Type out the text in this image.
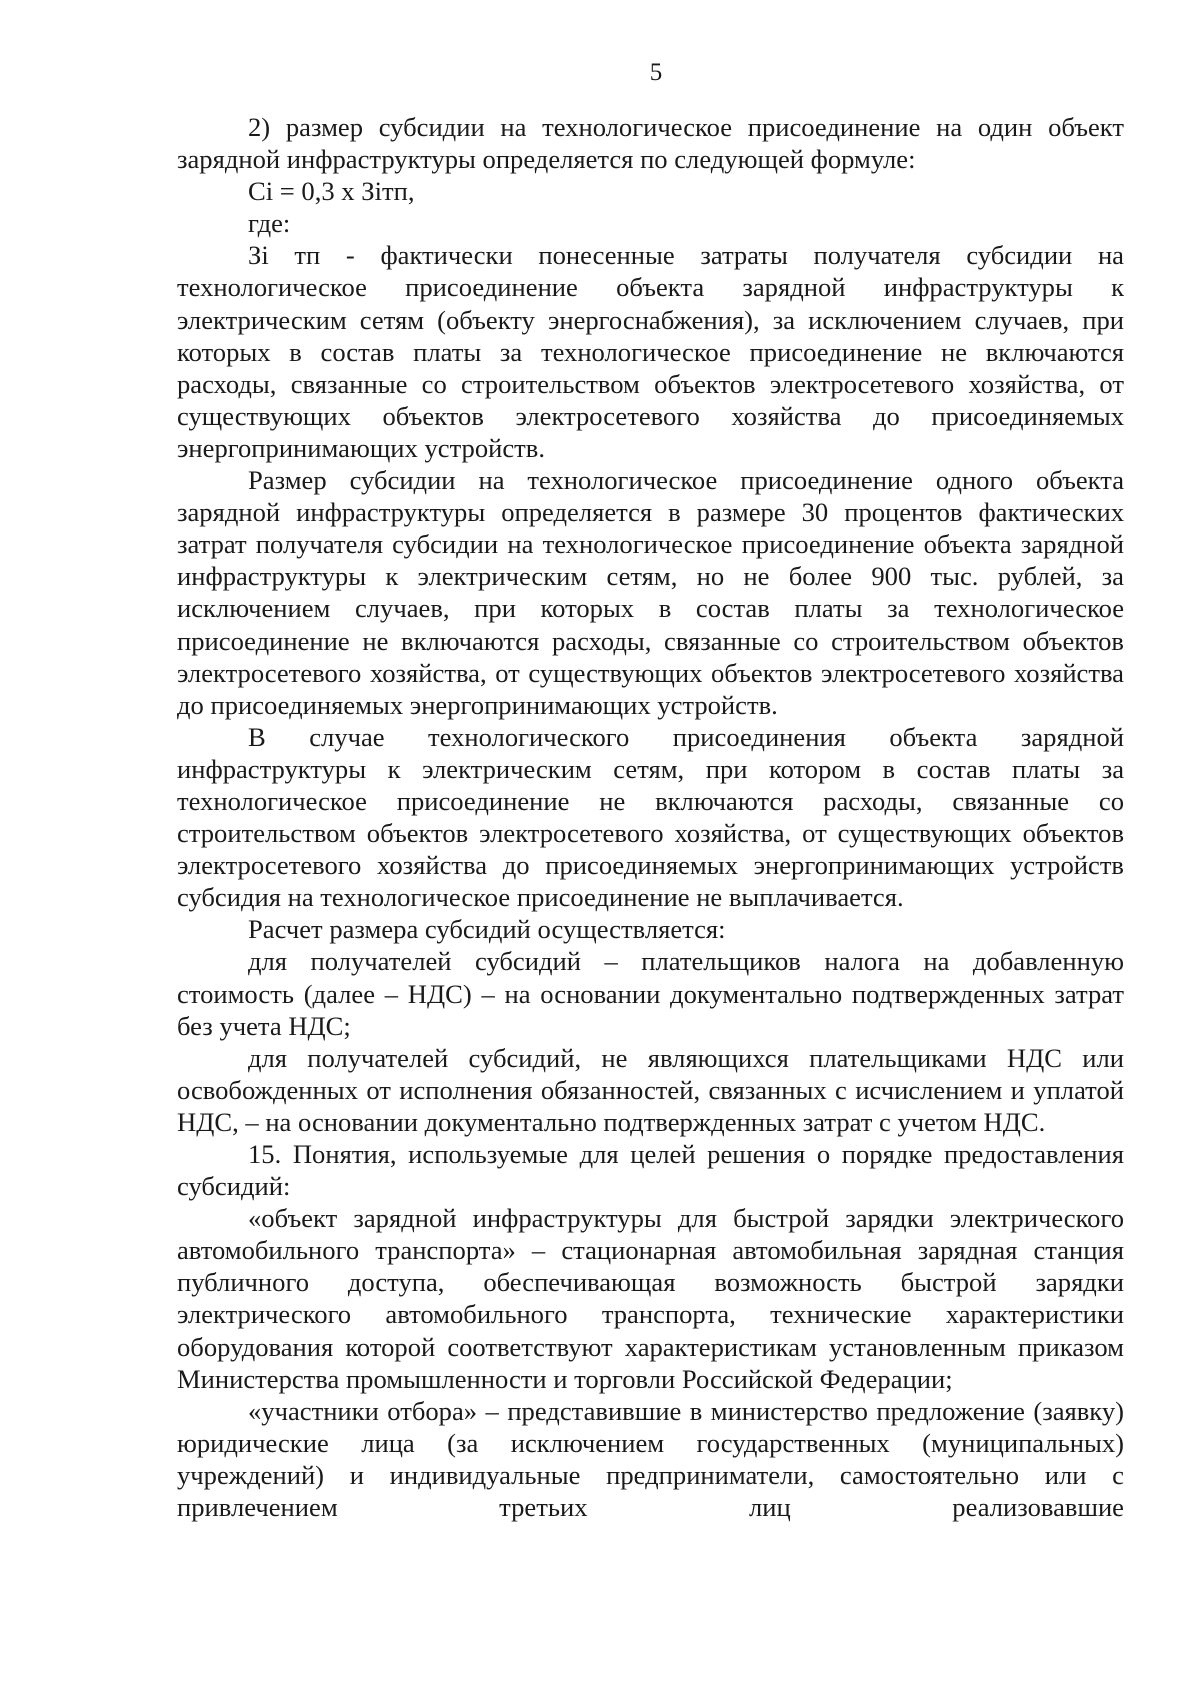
5

2) размер субсидии на технологическое присоединение на один объект зарядной инфраструктуры определяется по следующей формуле:

Ci = 0,3 x Зiтп,

где:

Зi тп - фактически понесенные затраты получателя субсидии на технологическое присоединение объекта зарядной инфраструктуры к электрическим сетям (объекту энергоснабжения), за исключением случаев, при которых в состав платы за технологическое присоединение не включаются расходы, связанные со строительством объектов электросетевого хозяйства, от существующих объектов электросетевого хозяйства до присоединяемых энергопринимающих устройств.

Размер субсидии на технологическое присоединение одного объекта зарядной инфраструктуры определяется в размере 30 процентов фактических затрат получателя субсидии на технологическое присоединение объекта зарядной инфраструктуры к электрическим сетям, но не более 900 тыс. рублей, за исключением случаев, при которых в состав платы за технологическое присоединение не включаются расходы, связанные со строительством объектов электросетевого хозяйства, от существующих объектов электросетевого хозяйства до присоединяемых энергопринимающих устройств.

В случае технологического присоединения объекта зарядной инфраструктуры к электрическим сетям, при котором в состав платы за технологическое присоединение не включаются расходы, связанные со строительством объектов электросетевого хозяйства, от существующих объектов электросетевого хозяйства до присоединяемых энергопринимающих устройств субсидия на технологическое присоединение не выплачивается.

Расчет размера субсидий осуществляется:

для получателей субсидий – плательщиков налога на добавленную стоимость (далее – НДС) – на основании документально подтвержденных затрат без учета НДС;

для получателей субсидий, не являющихся плательщиками НДС или освобожденных от исполнения обязанностей, связанных с исчислением и уплатой НДС, – на основании документально подтвержденных затрат с учетом НДС.

15. Понятия, используемые для целей решения о порядке предоставления субсидий:

«объект зарядной инфраструктуры для быстрой зарядки электрического автомобильного транспорта» – стационарная автомобильная зарядная станция публичного доступа, обеспечивающая возможность быстрой зарядки электрического автомобильного транспорта, технические характеристики оборудования которой соответствуют характеристикам установленным приказом Министерства промышленности и торговли Российской Федерации;

«участники отбора» – представившие в министерство предложение (заявку) юридические лица (за исключением государственных (муниципальных) учреждений) и индивидуальные предприниматели, самостоятельно или с привлечением третьих лиц реализовавшие
